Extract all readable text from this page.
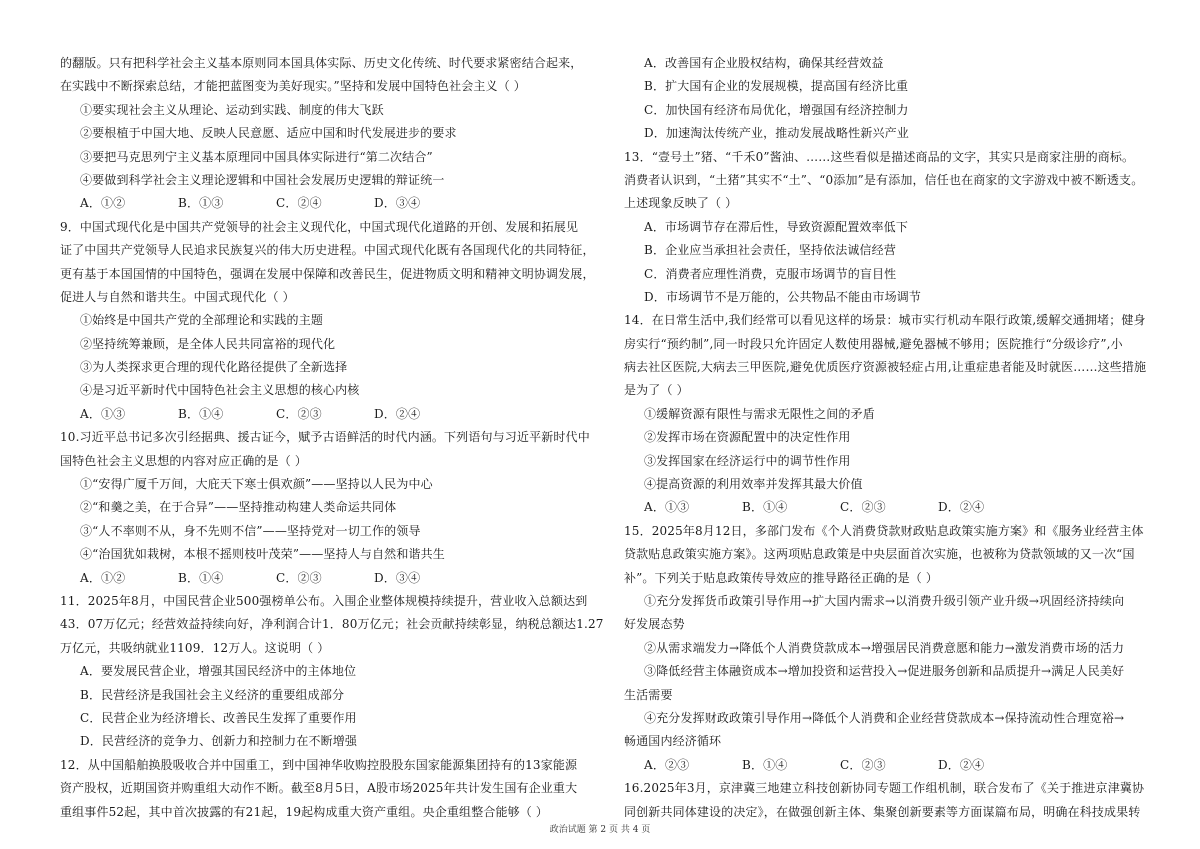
的翻版。只有把科学社会主义基本原则同本国具体实际、历史文化传统、时代要求紧密结合起来，
在实践中不断探索总结，才能把蓝图变为美好现实。”坚持和发展中国特色社会主义（ ）
①要实现社会主义从理论、运动到实践、制度的伟大飞跃
②要根植于中国大地、反映人民意愿、适应中国和时代发展进步的要求
③要把马克思列宁主义基本原理同中国具体实际进行“第二次结合”
④要做到科学社会主义理论逻辑和中国社会发展历史逻辑的辩证统一
A．①②	B．①③	C．②④	D．③④
9．中国式现代化是中国共产党领导的社会主义现代化，中国式现代化道路的开创、发展和拓展见
证了中国共产党领导人民追求民族复兴的伟大历史进程。中国式现代化既有各国现代化的共同特征，
更有基于本国国情的中国特色，强调在发展中保障和改善民生，促进物质文明和精神文明协调发展，
促进人与自然和谐共生。中国式现代化（ ）
①始终是中国共产党的全部理论和实践的主题
②坚持统筹兼顾，是全体人民共同富裕的现代化
③为人类探求更合理的现代化路径提供了全新选择
④是习近平新时代中国特色社会主义思想的核心内核
A．①③	B．①④	C．②③	D．②④
10.习近平总书记多次引经据典、援古证今，赋予古语鲜活的时代内涵。下列语句与习近平新时代中
国特色社会主义思想的内容对应正确的是（ ）
①“安得广厦千万间，大庇天下寒士俱欢颜”——坚持以人民为中心
②“和羹之美，在于合异”——坚持推动构建人类命运共同体
③“人不率则不从，身不先则不信”——坚持党对一切工作的领导
④“治国犹如栽树，本根不摇则枝叶茂荣”——坚持人与自然和谐共生
A．①②	B．①④	C．②③	D．③④
11．2025年8月，中国民营企业500强榜单公布。入围企业整体规模持续提升，营业收入总额达到
43．07万亿元；经营效益持续向好，净利润合计1．80万亿元；社会贡献持续彰显，纳税总额达1.27
万亿元，共吸纳就业1109．12万人。这说明（ ）
A．要发展民营企业，增强其国民经济中的主体地位
B．民营经济是我国社会主义经济的重要组成部分
C．民营企业为经济增长、改善民生发挥了重要作用
D．民营经济的竞争力、创新力和控制力在不断增强
12．从中国船舶换股吸收合并中国重工，到中国神华收购控股股东国家能源集团持有的13家能源
资产股权，近期国资并购重组大动作不断。截至8月5日，A股市场2025年共计发生国有企业重大
重组事件52起，其中首次披露的有21起，19起构成重大资产重组。央企重组整合能够（ ）
A．改善国有企业股权结构，确保其经营效益
B．扩大国有企业的发展规模，提高国有经济比重
C．加快国有经济布局优化，增强国有经济控制力
D．加速淘汰传统产业，推动发展战略性新兴产业
13．“壹号土”猪、“千禾0”酱油、……这些看似是描述商品的文字，其实只是商家注册的商标。
消费者认识到，“土猪”其实不“土”、“0添加”是有添加，信任也在商家的文字游戏中被不断透支。
上述现象反映了（ ）
A．市场调节存在滞后性，导致资源配置效率低下
B．企业应当承担社会责任，坚持依法诚信经营
C．消费者应理性消费，克服市场调节的盲目性
D．市场调节不是万能的，公共物品不能由市场调节
14．在日常生活中,我们经常可以看见这样的场景：城市实行机动车限行政策,缓解交通拥堵；健身
房实行“预约制”,同一时段只允许固定人数使用器械,避免器械不够用；医院推行“分级诊疗”,小
病去社区医院,大病去三甲医院,避免优质医疗资源被轻症占用,让重症患者能及时就医……这些措施
是为了（ ）
①缓解资源有限性与需求无限性之间的矛盾
②发挥市场在资源配置中的决定性作用
③发挥国家在经济运行中的调节性作用
④提高资源的利用效率并发挥其最大价值
A．①③	B．①④	C．②③	D．②④
15．2025年8月12日，多部门发布《个人消费贷款财政贴息政策实施方案》和《服务业经营主体
贷款贴息政策实施方案》。这两项贴息政策是中央层面首次实施，也被称为贷款领域的又一次“国
补”。下列关于贴息政策传导效应的推导路径正确的是（ ）
①充分发挥货币政策引导作用→扩大国内需求→以消费升级引领产业升级→巩固经济持续向
好发展态势
②从需求端发力→降低个人消费贷款成本→增强居民消费意愿和能力→激发消费市场的活力
③降低经营主体融资成本→增加投资和运营投入→促进服务创新和品质提升→满足人民美好
生活需要
④充分发挥财政政策引导作用→降低个人消费和企业经营贷款成本→保持流动性合理宽裕→
畅通国内经济循环
A．②③	B．①④	C．②③	D．②④
16.2025年3月，京津冀三地建立科技创新协同专题工作组机制，联合发布了《关于推进京津冀协
同创新共同体建设的决定》，在做强创新主体、集聚创新要素等方面谋篇布局，明确在科技成果转
政治试题 第 2 页 共 4 页
